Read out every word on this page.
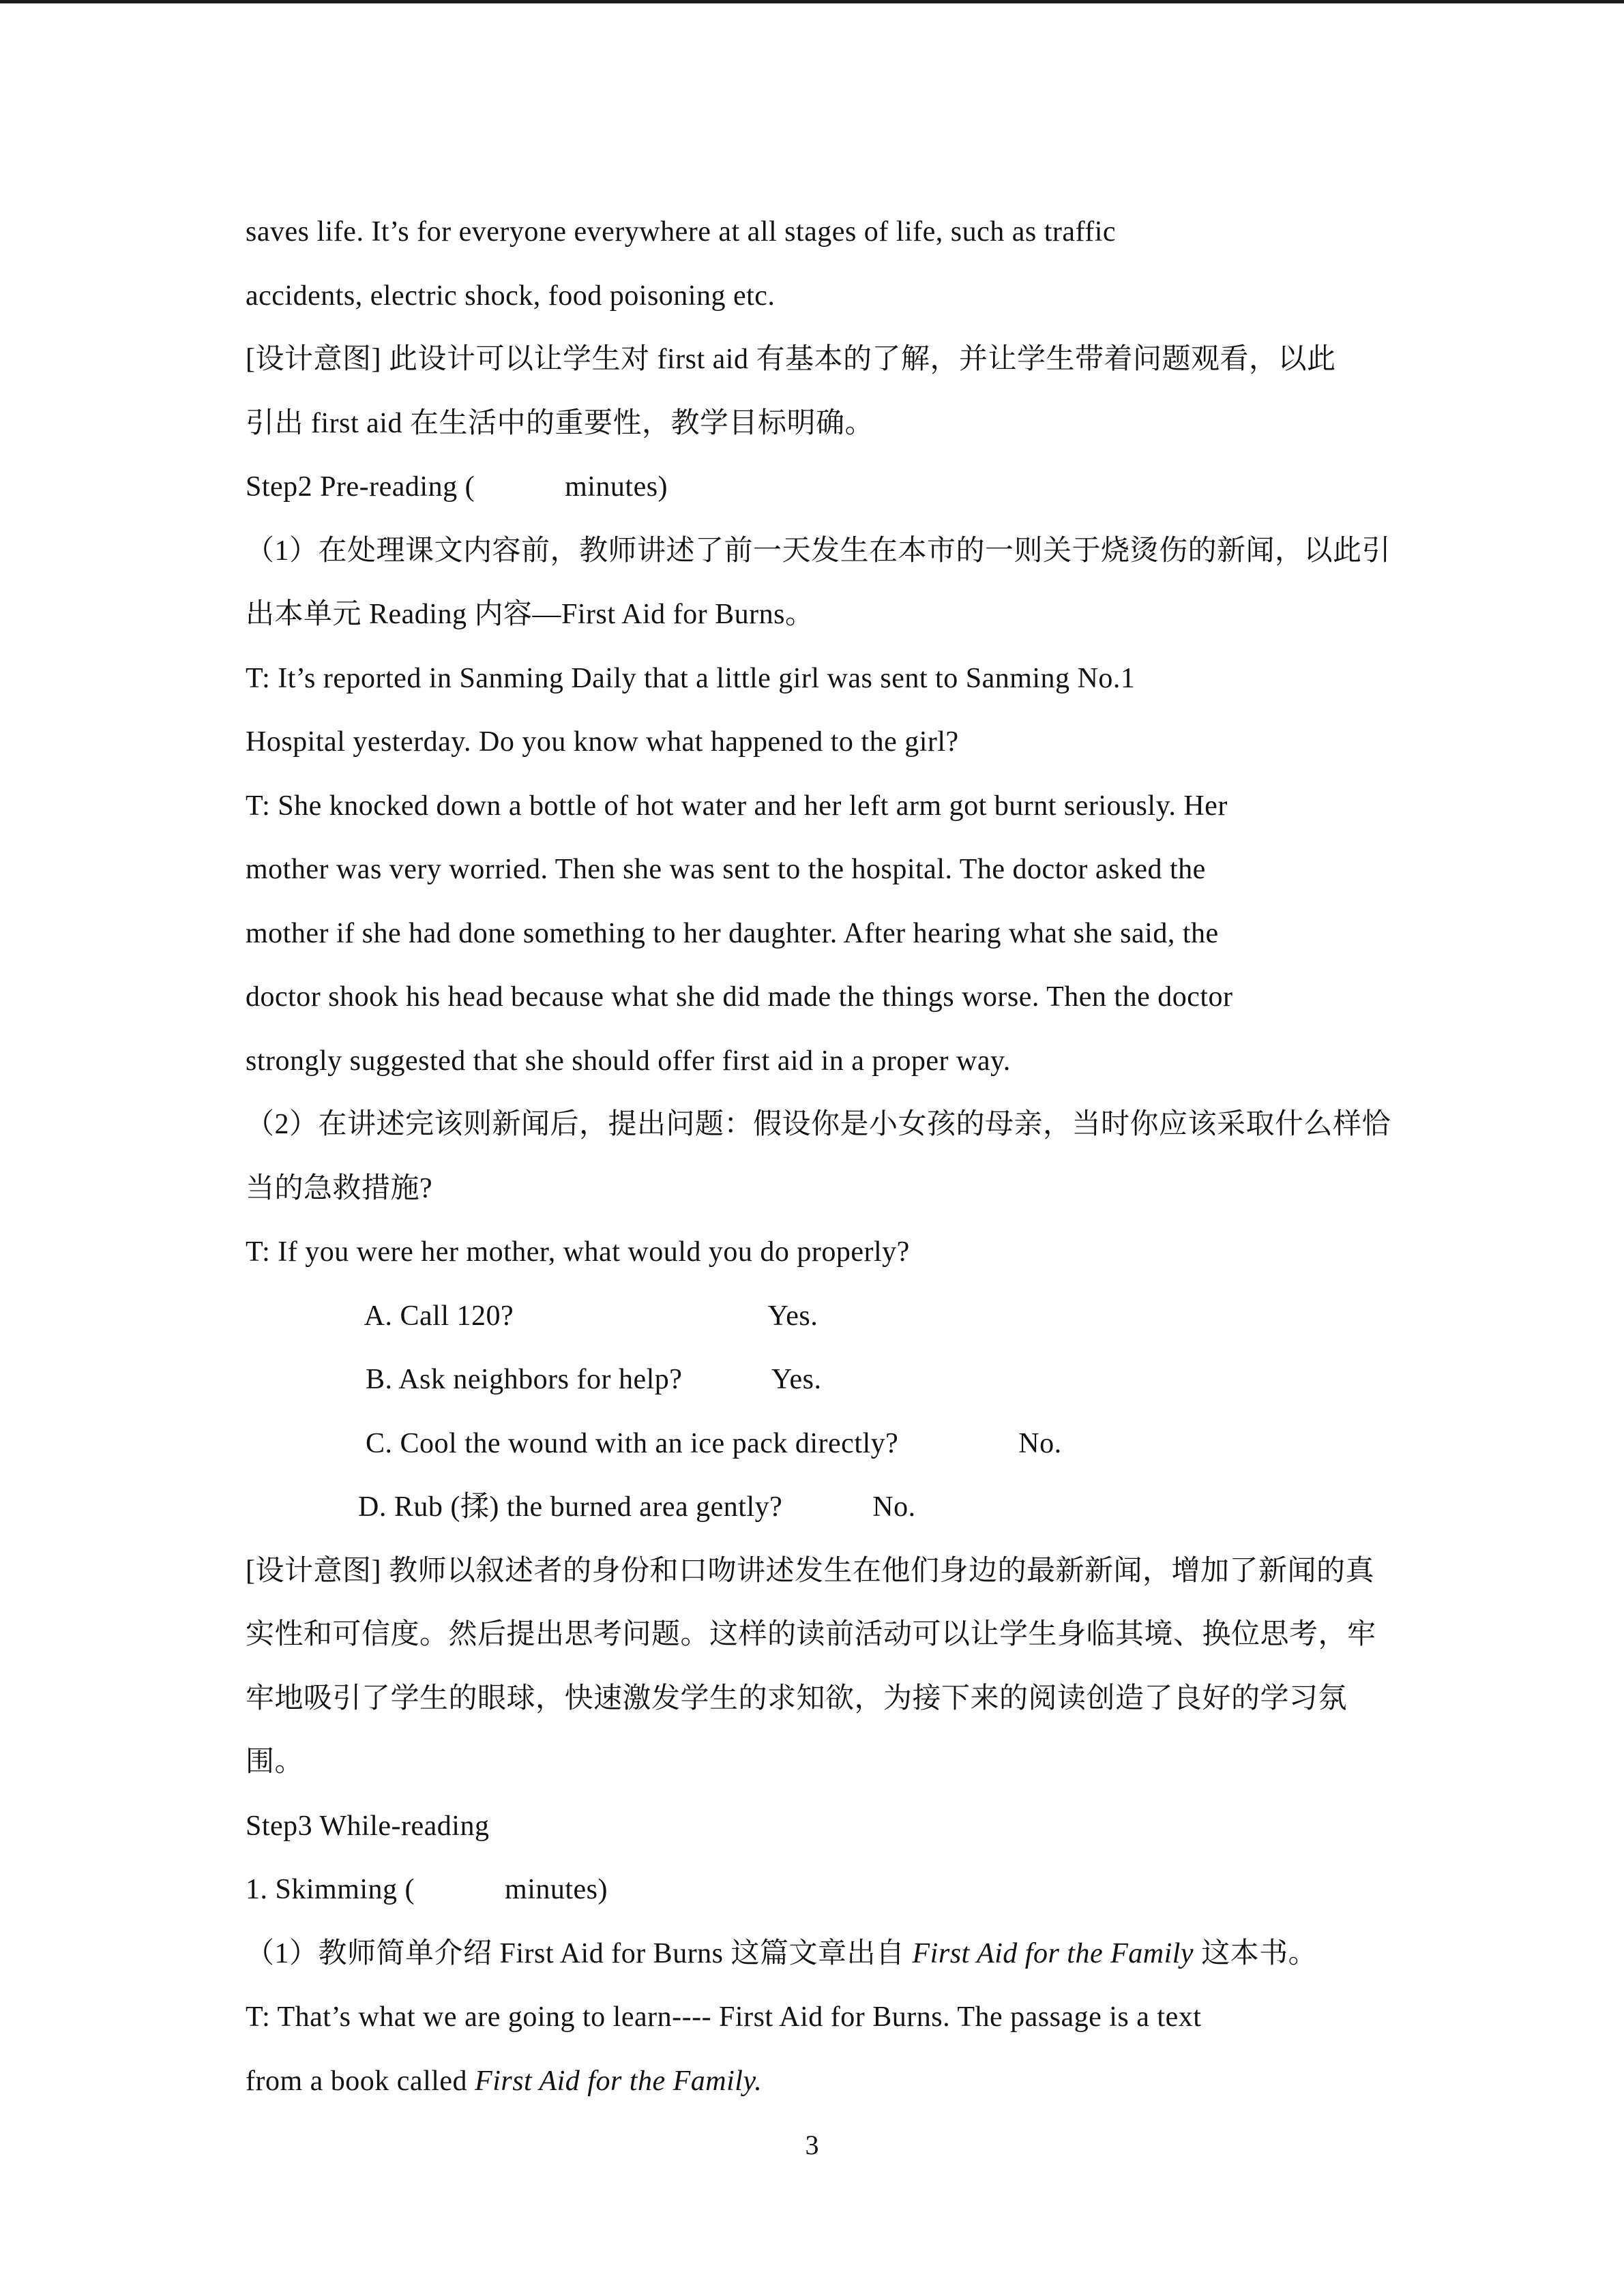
saves life. It’s for everyone everywhere at all stages of life, such as traffic
accidents, electric shock, food poisoning etc.
[设计意图] 此设计可以让学生对 first aid 有基本的了解，并让学生带着问题观看，以此
引出 first aid 在生活中的重要性，教学目标明确。
Step2 Pre-reading (            minutes)
（1）在处理课文内容前，教师讲述了前一天发生在本市的一则关于烧烫伤的新闻，以此引
出本单元 Reading 内容—First Aid for Burns。
T: It’s reported in Sanming Daily that a little girl was sent to Sanming No.1
Hospital yesterday. Do you know what happened to the girl?
T: She knocked down a bottle of hot water and her left arm got burnt seriously. Her
mother was very worried. Then she was sent to the hospital. The doctor asked the
mother if she had done something to her daughter. After hearing what she said, the
doctor shook his head because what she did made the things worse. Then the doctor
strongly suggested that she should offer first aid in a proper way.
（2）在讲述完该则新闻后，提出问题：假设你是小女孩的母亲，当时你应该采取什么样恰
当的急救措施?
T: If you were her mother, what would you do properly?
A. Call 120?                                  Yes.
B. Ask neighbors for help?            Yes.
C. Cool the wound with an ice pack directly?                No.
D. Rub (揉) the burned area gently?            No.
[设计意图] 教师以叙述者的身份和口吻讲述发生在他们身边的最新新闻，增加了新闻的真
实性和可信度。然后提出思考问题。这样的读前活动可以让学生身临其境、换位思考，牢
牢地吸引了学生的眼球，快速激发学生的求知欲，为接下来的阅读创造了良好的学习氛
围。
Step3 While-reading
1. Skimming (            minutes)
（1）教师简单介绍 First Aid for Burns 这篇文章出自 First Aid for the Family 这本书。
T: That’s what we are going to learn---- First Aid for Burns. The passage is a text
from a book called First Aid for the Family.
3
